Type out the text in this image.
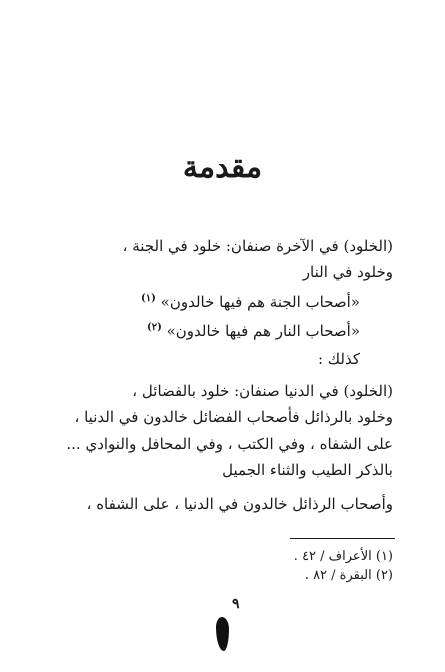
مقدمة
(الخلود) في الآخرة صنفان: خلود في الجنة ،
وخلود في النار
«أصحاب الجنة هم فيها خالدون» $^{(١)}$
«أصحاب النار هم فيها خالدون» $^{(٢)}$
كذلك :
(الخلود) في الدنيا صنفان: خلود بالفضائل ،
وخلود بالرذائل فأصحاب الفضائل خالدون في الدنيا ،
على الشفاه ، وفي الكتب ، وفي المحافل والنوادي ...
بالذكر الطيب والثناء الجميل
وأصحاب الرذائل خالدون في الدنيا ، على الشفاه ،
(١) الأعراف / ٤٢ .
(٢) البقرة / ٨٢ .
٩
